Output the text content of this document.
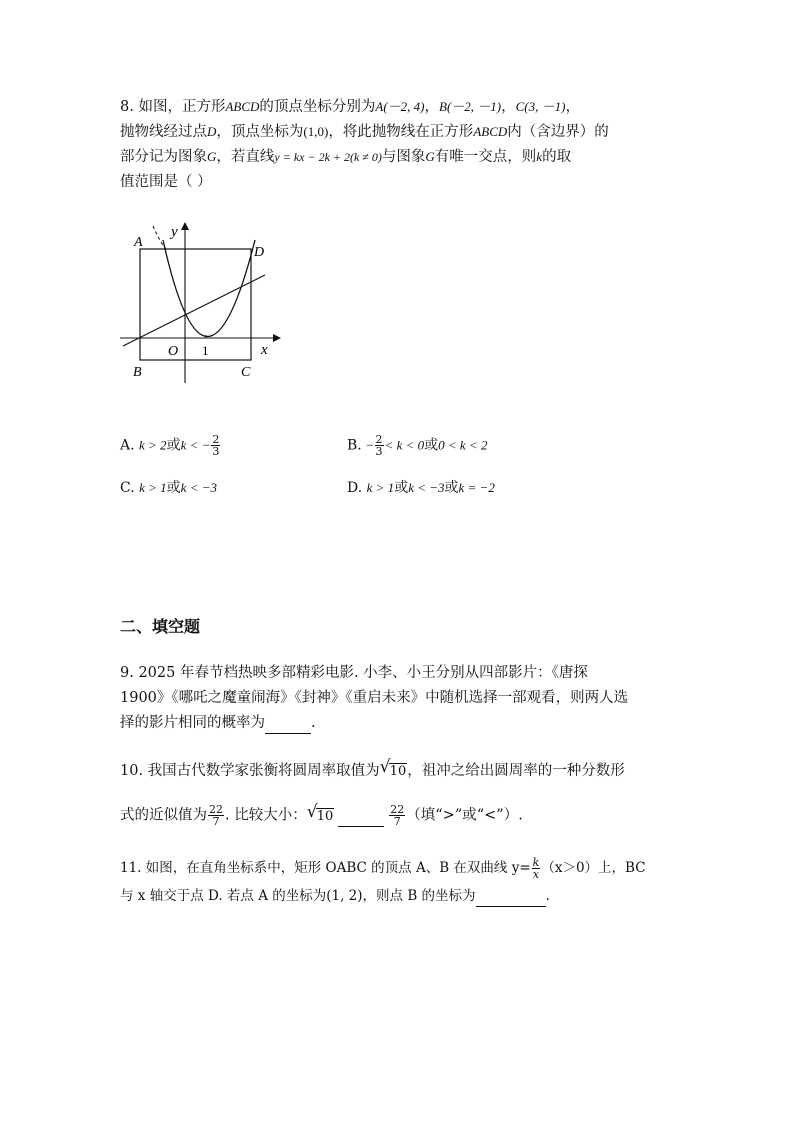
8. 如图，正方形ABCD的顶点坐标分别为A(－2, 4)，B(－2, －1)，C(3, －1)，
抛物线经过点D，顶点坐标为(1,0)，将此抛物线在正方形ABCD内（含边界）的
部分记为图象G，若直线y = kx − 2k + 2(k ≠ 0)与图象G有唯一交点，则k的取
值范围是（ ）
A
D
B	C
O 1	x
y
A. k > 2或k < − $\frac{2}{3}$	B. − $\frac{2}{3} < k < 0$或0 < k < 2
C. k > 1或k < −3	D. k > 1或k < −3或k = −2
二、填空题
9. 2025 年春节档热映多部精彩电影. 小李、小王分别从四部影片：《唐探
1900》《哪吒之魔童闹海》《封神》《重启未来》中随机选择一部观看，则两人选
择的影片相同的概率为	.
10. 我国古代数学家张衡将圆周率取值为 √ 10，祖冲之给出圆周率的一种分数形
式的近似值为 $\frac{22}{7}$ . 比较大小： √ 10	$\frac{22}{7}$ （填“>”或“<”）.
11. 如图，在直角坐标系中，矩形 OABC 的顶点 A、B 在双曲线 $y= \frac{k}{x} (x>0)$上，BC
与 x 轴交于点 D. 若点 A 的坐标为(1, 2)，则点 B 的坐标为	.
